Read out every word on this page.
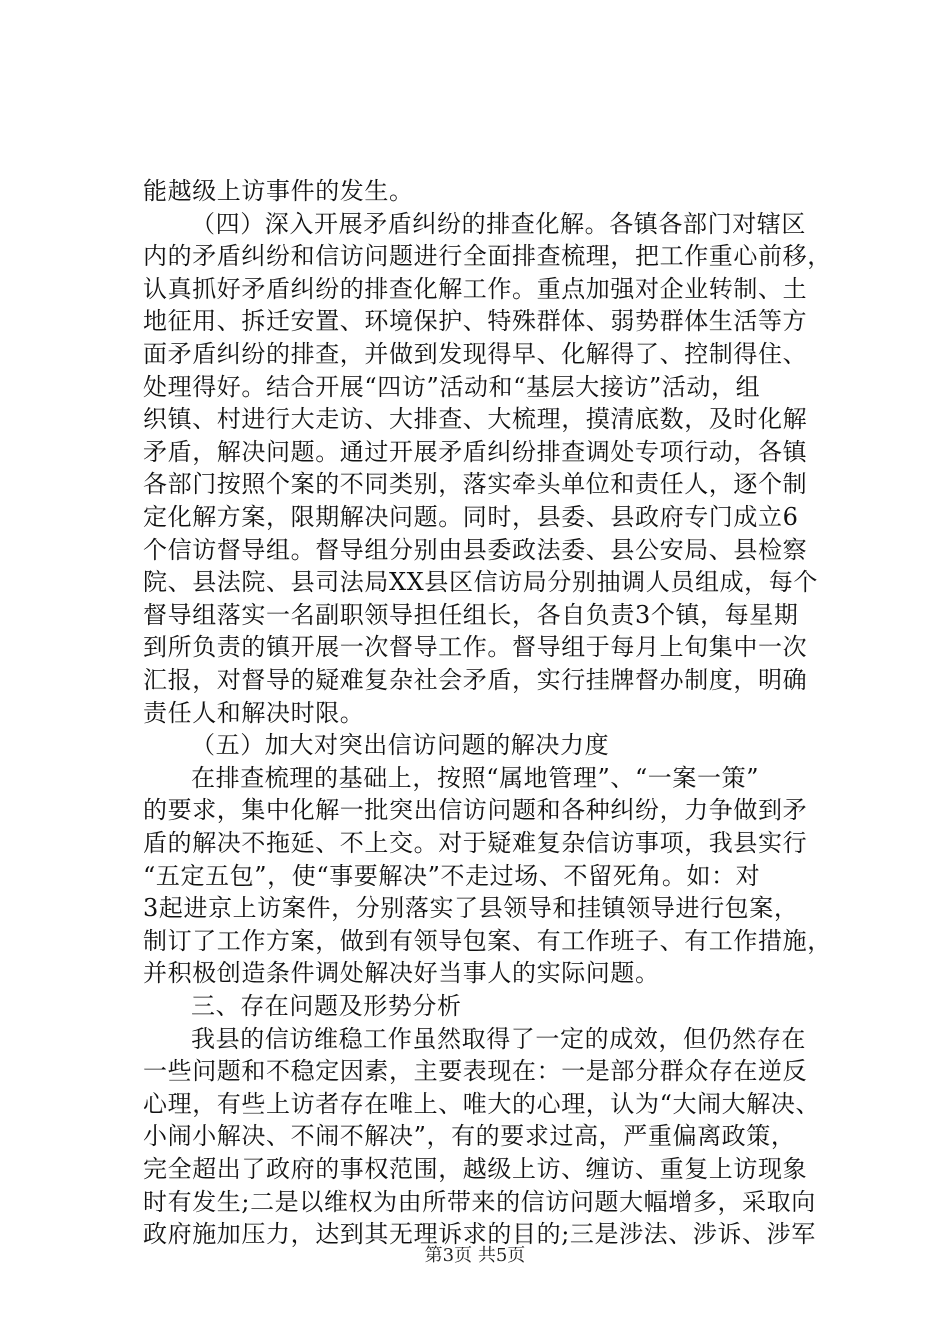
能越级上访事件的发生。
（四）深入开展矛盾纠纷的排查化解。各镇各部门对辖区
内的矛盾纠纷和信访问题进行全面排查梳理，把工作重心前移，
认真抓好矛盾纠纷的排查化解工作。重点加强对企业转制、土
地征用、拆迁安置、环境保护、特殊群体、弱势群体生活等方
面矛盾纠纷的排查，并做到发现得早、化解得了、控制得住、
处理得好。结合开展“四访”活动和“基层大接访”活动，组
织镇、村进行大走访、大排查、大梳理，摸清底数，及时化解
矛盾，解决问题。通过开展矛盾纠纷排查调处专项行动，各镇
各部门按照个案的不同类别，落实牵头单位和责任人，逐个制
定化解方案，限期解决问题。同时，县委、县政府专门成立6
个信访督导组。督导组分别由县委政法委、县公安局、县检察
院、县法院、县司法局XX县区信访局分别抽调人员组成，每个
督导组落实一名副职领导担任组长，各自负责3个镇，每星期
到所负责的镇开展一次督导工作。督导组于每月上旬集中一次
汇报，对督导的疑难复杂社会矛盾，实行挂牌督办制度，明确
责任人和解决时限。
（五）加大对突出信访问题的解决力度
在排查梳理的基础上，按照“属地管理”、“一案一策”
的要求，集中化解一批突出信访问题和各种纠纷，力争做到矛
盾的解决不拖延、不上交。对于疑难复杂信访事项，我县实行
“五定五包”，使“事要解决”不走过场、不留死角。如：对
3起进京上访案件，分别落实了县领导和挂镇领导进行包案，
制订了工作方案，做到有领导包案、有工作班子、有工作措施，
并积极创造条件调处解决好当事人的实际问题。
三、存在问题及形势分析
我县的信访维稳工作虽然取得了一定的成效，但仍然存在
一些问题和不稳定因素，主要表现在：一是部分群众存在逆反
心理，有些上访者存在唯上、唯大的心理，认为“大闹大解决、
小闹小解决、不闹不解决”，有的要求过高，严重偏离政策，
完全超出了政府的事权范围，越级上访、缠访、重复上访现象
时有发生;二是以维权为由所带来的信访问题大幅增多，采取向
政府施加压力，达到其无理诉求的目的;三是涉法、涉诉、涉军
第3页 共5页
